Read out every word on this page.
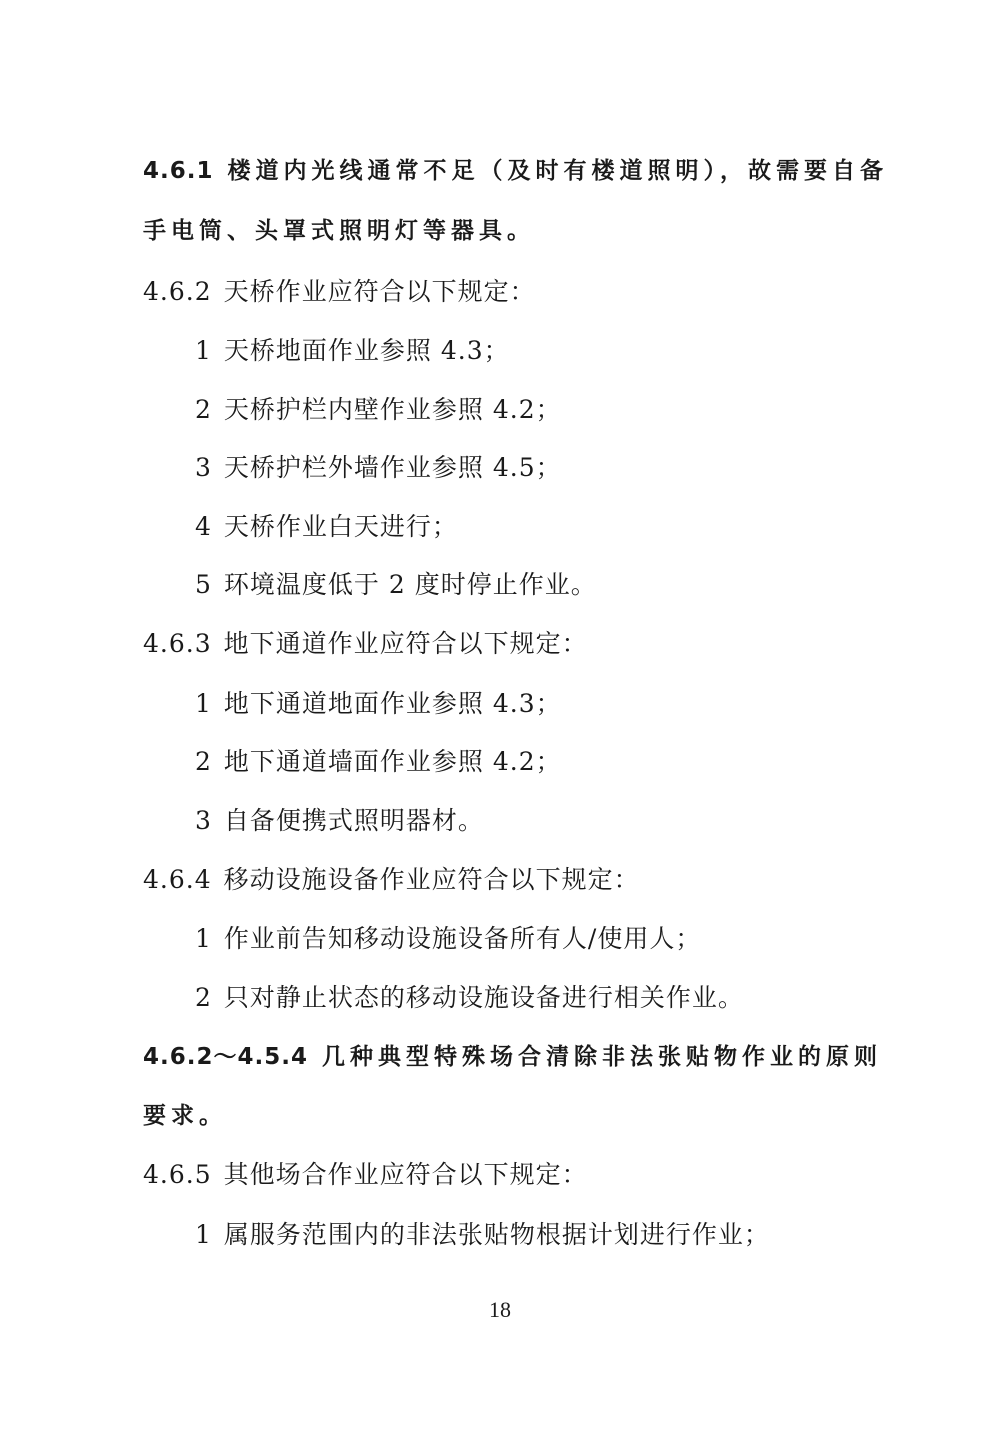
4.6.1 楼道内光线通常不足（及时有楼道照明），故需要自备
手电筒、头罩式照明灯等器具。
4.6.2 天桥作业应符合以下规定：
1 天桥地面作业参照 4.3；
2 天桥护栏内壁作业参照 4.2；
3 天桥护栏外墙作业参照 4.5；
4 天桥作业白天进行；
5 环境温度低于 2 度时停止作业。
4.6.3 地下通道作业应符合以下规定：
1 地下通道地面作业参照 4.3；
2 地下通道墙面作业参照 4.2；
3 自备便携式照明器材。
4.6.4 移动设施设备作业应符合以下规定：
1 作业前告知移动设施设备所有人/使用人；
2 只对静止状态的移动设施设备进行相关作业。
4.6.2～4.5.4 几种典型特殊场合清除非法张贴物作业的原则
要求。
4.6.5 其他场合作业应符合以下规定：
1 属服务范围内的非法张贴物根据计划进行作业；
18
